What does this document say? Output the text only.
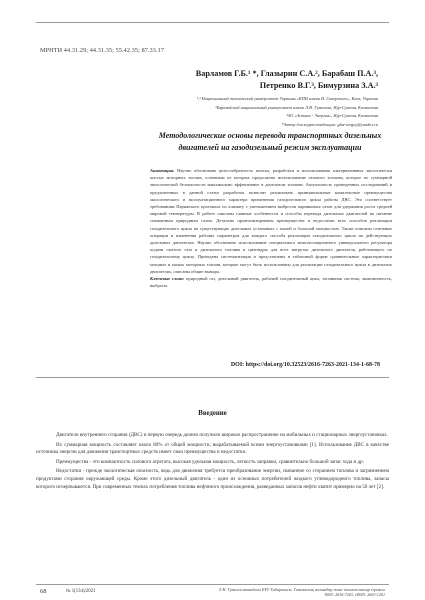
МРНТИ 44.31.29; 44.31.35; 55.42.35; 87.33.17
Варламов Г.Б.¹ *, Глазырин С.А.², Барабаш П.А.³,
Петренко В.Г.³, Бимурзина З.А.³
¹,³ Национальный технический университет Украины «КПИ имени И. Сикорского», Киев, Украина
²Евразийский национальный университет имени Л.Н. Гумилева, Нур-Султан, Казахстан
³АО «Астана - Энергия», Нур-Султан, Казахстан
*Автор для корреспонденции: glaz-sergey@yandex.ru
Методологические основы перевода транспортных дизельных двигателей на газодизельный режим эксплуатации
Аннотация. Научно обоснована целесообразность поиска, разработки и использования альтернативных экологически чистых моторных топлив, основным из которых предложено использование газового топлива, которое по суммарной экологической безопасности максимально эффективное в дизельном топливе. Актуальность проведенных исследований и предложенных в данной статье разработок позволит реализовать принципиальные комплексные преимущества экологического и эксплуатационного характера применения газодизельного цикла работы ДВС. Это соответствует требованиям Парижского протокола по климату с уменьшением выбросов парниковых газов для удержания роста средней мировой температуры. В работе описаны главные особенности и способы перевода дизельных двигателей на питание смешанным природным газом. Детально проанализированы преимущества и недостатки всех способов реализации газодизельного цикла на существующих дизельных установках с малой и большой мощностью. Также описаны основные операции и изменения рабочих параметров для каждого способа реализации газодизельного цикла на действующих дизельных двигателях. Научно обосновано использование специального многопозиционного универсального регулятора подачи сжатого газа и дизельного топлива в цилиндры для всех нагрузок дизельного двигателя, работающего по газодизельному циклу. Проведена систематизация и представлены в табличной форме сравнительные характеристики мощных и малых моторных топлив, которые могут быть использованы для реализации газодизельного цикла в дизельных двигателях, описаны общие выводы.
Ключевые слова: природный газ, дизельный двигатель, рабочий газодизельный цикл, топливная система, экономичность, выбросы.
DOI: https://doi.org/10.32523/2616-7263-2021-134-1-68-78
Введение

Двигатели внутреннего сгорания (ДВС) и первую очередь дизели получили широкое распространение на мобильных и стационарных энергоустановках.

Их суммарная мощность составляет около 80% от общей мощности, вырабатываемой всеми энергоустановками [1]. Использование ДВС в качестве источника энергии для движения транспортных средств имеет свои преимущества и недостатки.

Преимущества - это компактность силового агрегата, высокая удельная мощность, легкость заправки, сравнительно большой запас хода и др.

Недостатки - прежде экологическая опасность, ведь для движения требуется преобразование энергии, связанное со сгоранием топлива и загрязнением продуктами сгорания окружающей среды. Кроме этого дизельный двигатель - один из основных потребителей жидкого углеводородного топлива, запасы которого исчерпываются. При современных темпах потребления топлива нефтяного происхождения, разведанных запасов нефти хватит примерно на 50 лет [2].

68	№ 1(134)/2021	Л.Н. Гумилев атындағы ЕҰУ Хабаршысы. Техникалық ғылымдар және технологиялар сериясы
ISSN: 2616-7263, eISSN: 2663-1261
